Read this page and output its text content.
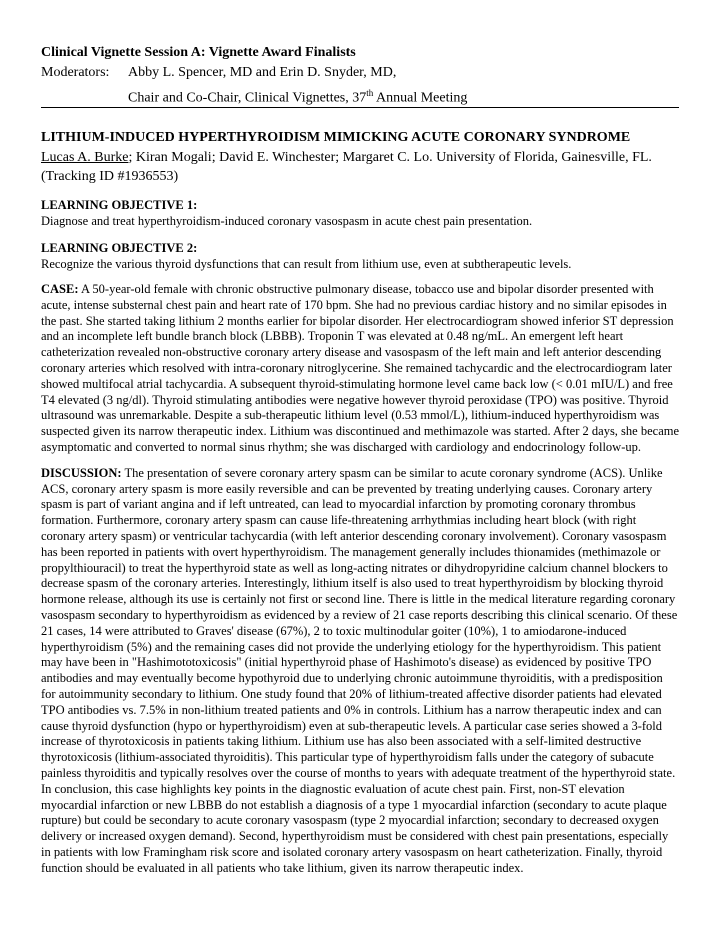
Clinical Vignette Session A: Vignette Award Finalists
Moderators:	Abby L. Spencer, MD and Erin D. Snyder, MD,
Chair and Co-Chair, Clinical Vignettes, 37th Annual Meeting

LITHIUM-INDUCED HYPERTHYROIDISM MIMICKING ACUTE CORONARY SYNDROME

Lucas A. Burke; Kiran Mogali; David E. Winchester; Margaret C. Lo. University of Florida, Gainesville, FL. (Tracking ID #1936553)

LEARNING OBJECTIVE 1:

Diagnose and treat hyperthyroidism-induced coronary vasospasm in acute chest pain presentation.

LEARNING OBJECTIVE 2:

Recognize the various thyroid dysfunctions that can result from lithium use, even at subtherapeutic levels.

CASE: A 50-year-old female with chronic obstructive pulmonary disease, tobacco use and bipolar disorder presented with acute, intense substernal chest pain and heart rate of 170 bpm. She had no previous cardiac history and no similar episodes in the past. She started taking lithium 2 months earlier for bipolar disorder. Her electrocardiogram showed inferior ST depression and an incomplete left bundle branch block (LBBB). Troponin T was elevated at 0.48 ng/mL. An emergent left heart catheterization revealed non-obstructive coronary artery disease and vasospasm of the left main and left anterior descending coronary arteries which resolved with intra-coronary nitroglycerine. She remained tachycardic and the electrocardiogram later showed multifocal atrial tachycardia. A subsequent thyroid-stimulating hormone level came back low (< 0.01 mIU/L) and free T4 elevated (3 ng/dl). Thyroid stimulating antibodies were negative however thyroid peroxidase (TPO) was positive. Thyroid ultrasound was unremarkable. Despite a sub-therapeutic lithium level (0.53 mmol/L), lithium-induced hyperthyroidism was suspected given its narrow therapeutic index. Lithium was discontinued and methimazole was started. After 2 days, she became asymptomatic and converted to normal sinus rhythm; she was discharged with cardiology and endocrinology follow-up.

DISCUSSION: The presentation of severe coronary artery spasm can be similar to acute coronary syndrome (ACS). Unlike ACS, coronary artery spasm is more easily reversible and can be prevented by treating underlying causes. Coronary artery spasm is part of variant angina and if left untreated, can lead to myocardial infarction by promoting coronary thrombus formation. Furthermore, coronary artery spasm can cause life-threatening arrhythmias including heart block (with right coronary artery spasm) or ventricular tachycardia (with left anterior descending coronary involvement). Coronary vasospasm has been reported in patients with overt hyperthyroidism. The management generally includes thionamides (methimazole or propylthiouracil) to treat the hyperthyroid state as well as long-acting nitrates or dihydropyridine calcium channel blockers to decrease spasm of the coronary arteries. Interestingly, lithium itself is also used to treat hyperthyroidism by blocking thyroid hormone release, although its use is certainly not first or second line. There is little in the medical literature regarding coronary vasospasm secondary to hyperthyroidism as evidenced by a review of 21 case reports describing this clinical scenario. Of these 21 cases, 14 were attributed to Graves' disease (67%), 2 to toxic multinodular goiter (10%), 1 to amiodarone-induced hyperthyroidism (5%) and the remaining cases did not provide the underlying etiology for the hyperthyroidism. This patient may have been in "Hashimototoxicosis" (initial hyperthyroid phase of Hashimoto's disease) as evidenced by positive TPO antibodies and may eventually become hypothyroid due to underlying chronic autoimmune thyroiditis, with a predisposition for autoimmunity secondary to lithium. One study found that 20% of lithium-treated affective disorder patients had elevated TPO antibodies vs. 7.5% in non-lithium treated patients and 0% in controls. Lithium has a narrow therapeutic index and can cause thyroid dysfunction (hypo or hyperthyroidism) even at sub-therapeutic levels. A particular case series showed a 3-fold increase of thyrotoxicosis in patients taking lithium. Lithium use has also been associated with a self-limited destructive thyrotoxicosis (lithium-associated thyroiditis). This particular type of hyperthyroidism falls under the category of subacute painless thyroiditis and typically resolves over the course of months to years with adequate treatment of the hyperthyroid state. In conclusion, this case highlights key points in the diagnostic evaluation of acute chest pain. First, non-ST elevation myocardial infarction or new LBBB do not establish a diagnosis of a type 1 myocardial infarction (secondary to acute plaque rupture) but could be secondary to acute coronary vasospasm (type 2 myocardial infarction; secondary to decreased oxygen delivery or increased oxygen demand). Second, hyperthyroidism must be considered with chest pain presentations, especially in patients with low Framingham risk score and isolated coronary artery vasospasm on heart catheterization. Finally, thyroid function should be evaluated in all patients who take lithium, given its narrow therapeutic index.
